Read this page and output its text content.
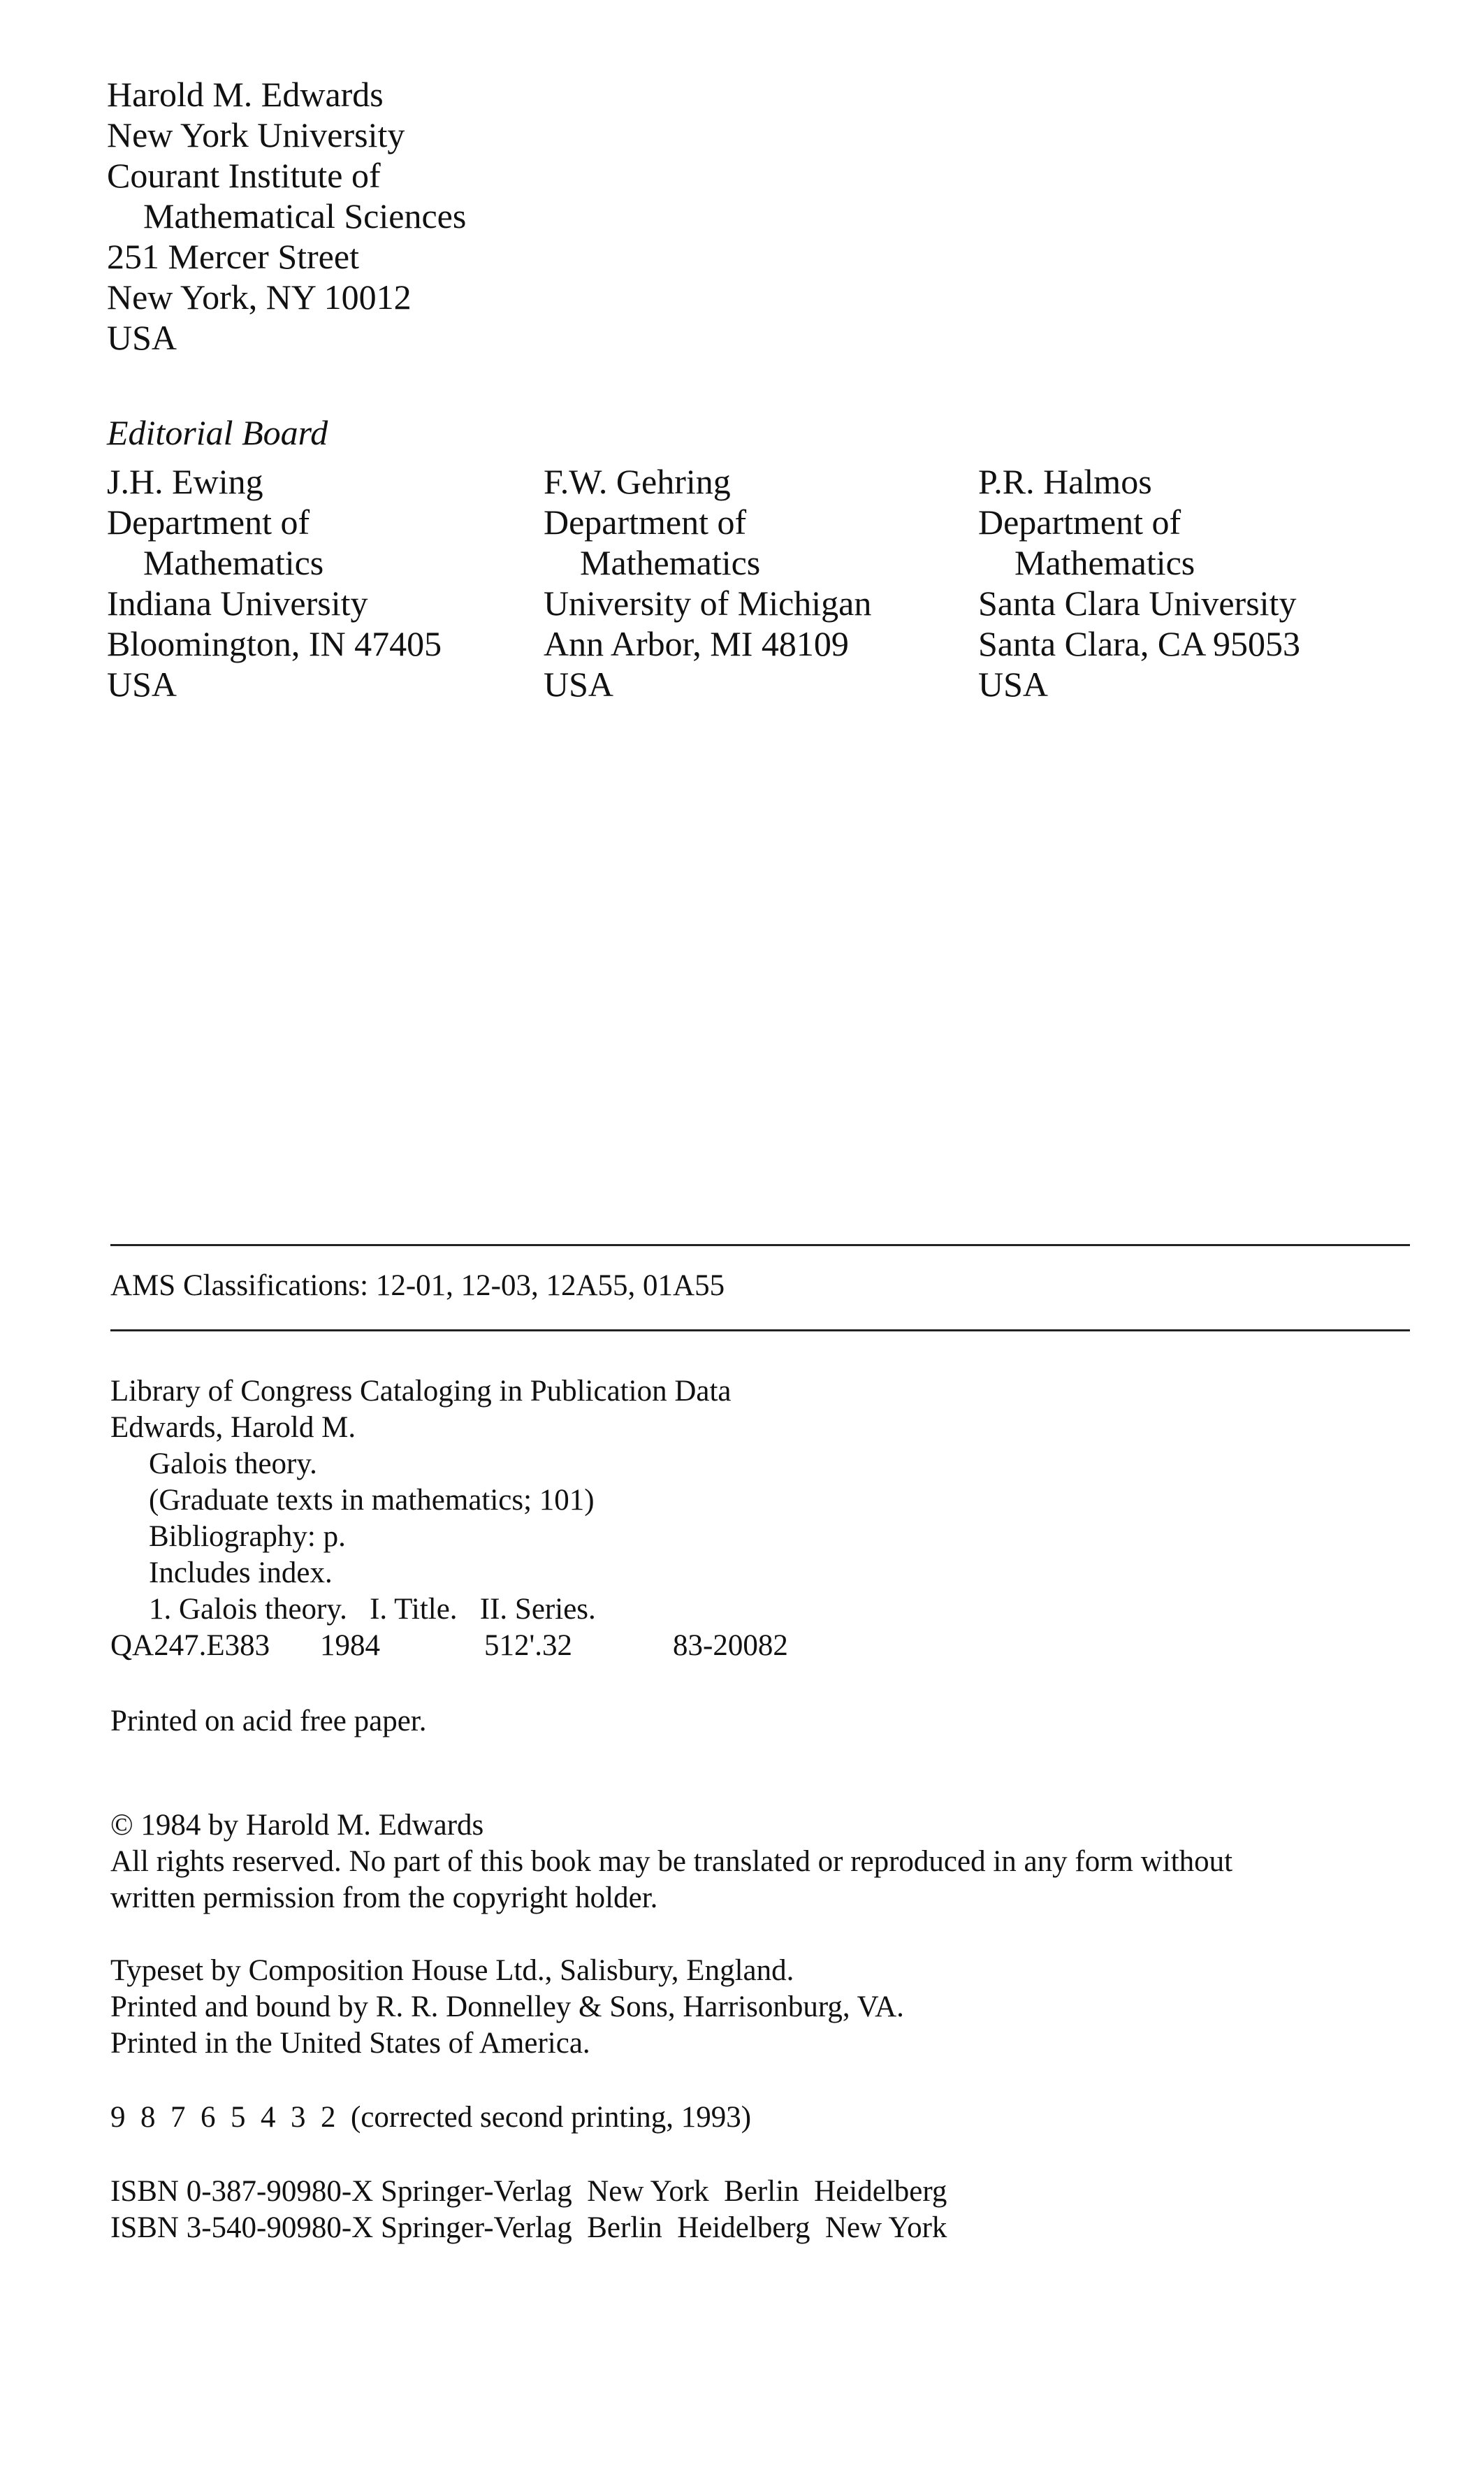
Harold M. Edwards
New York University
Courant Institute of
Mathematical Sciences
251 Mercer Street
New York, NY 10012
USA
Editorial Board
J.H. Ewing
Department of
Mathematics
Indiana University
Bloomington, IN 47405
USA
F.W. Gehring
Department of
Mathematics
University of Michigan
Ann Arbor, MI 48109
USA
P.R. Halmos
Department of
Mathematics
Santa Clara University
Santa Clara, CA 95053
USA
AMS Classifications: 12-01, 12-03, 12A55, 01A55
Library of Congress Cataloging in Publication Data
Edwards, Harold M.
Galois theory.
(Graduate texts in mathematics; 101)
Bibliography: p.
Includes index.
1. Galois theory.   I. Title.   II. Series.
QA247.E383	1984	512'.32	83-20082
Printed on acid free paper.
© 1984 by Harold M. Edwards
All rights reserved. No part of this book may be translated or reproduced in any form without
written permission from the copyright holder.
Typeset by Composition House Ltd., Salisbury, England.
Printed and bound by R. R. Donnelley & Sons, Harrisonburg, VA.
Printed in the United States of America.
9  8  7  6  5  4  3  2  (corrected second printing, 1993)
ISBN 0-387-90980-X Springer-Verlag  New York  Berlin  Heidelberg
ISBN 3-540-90980-X Springer-Verlag  Berlin  Heidelberg  New York
